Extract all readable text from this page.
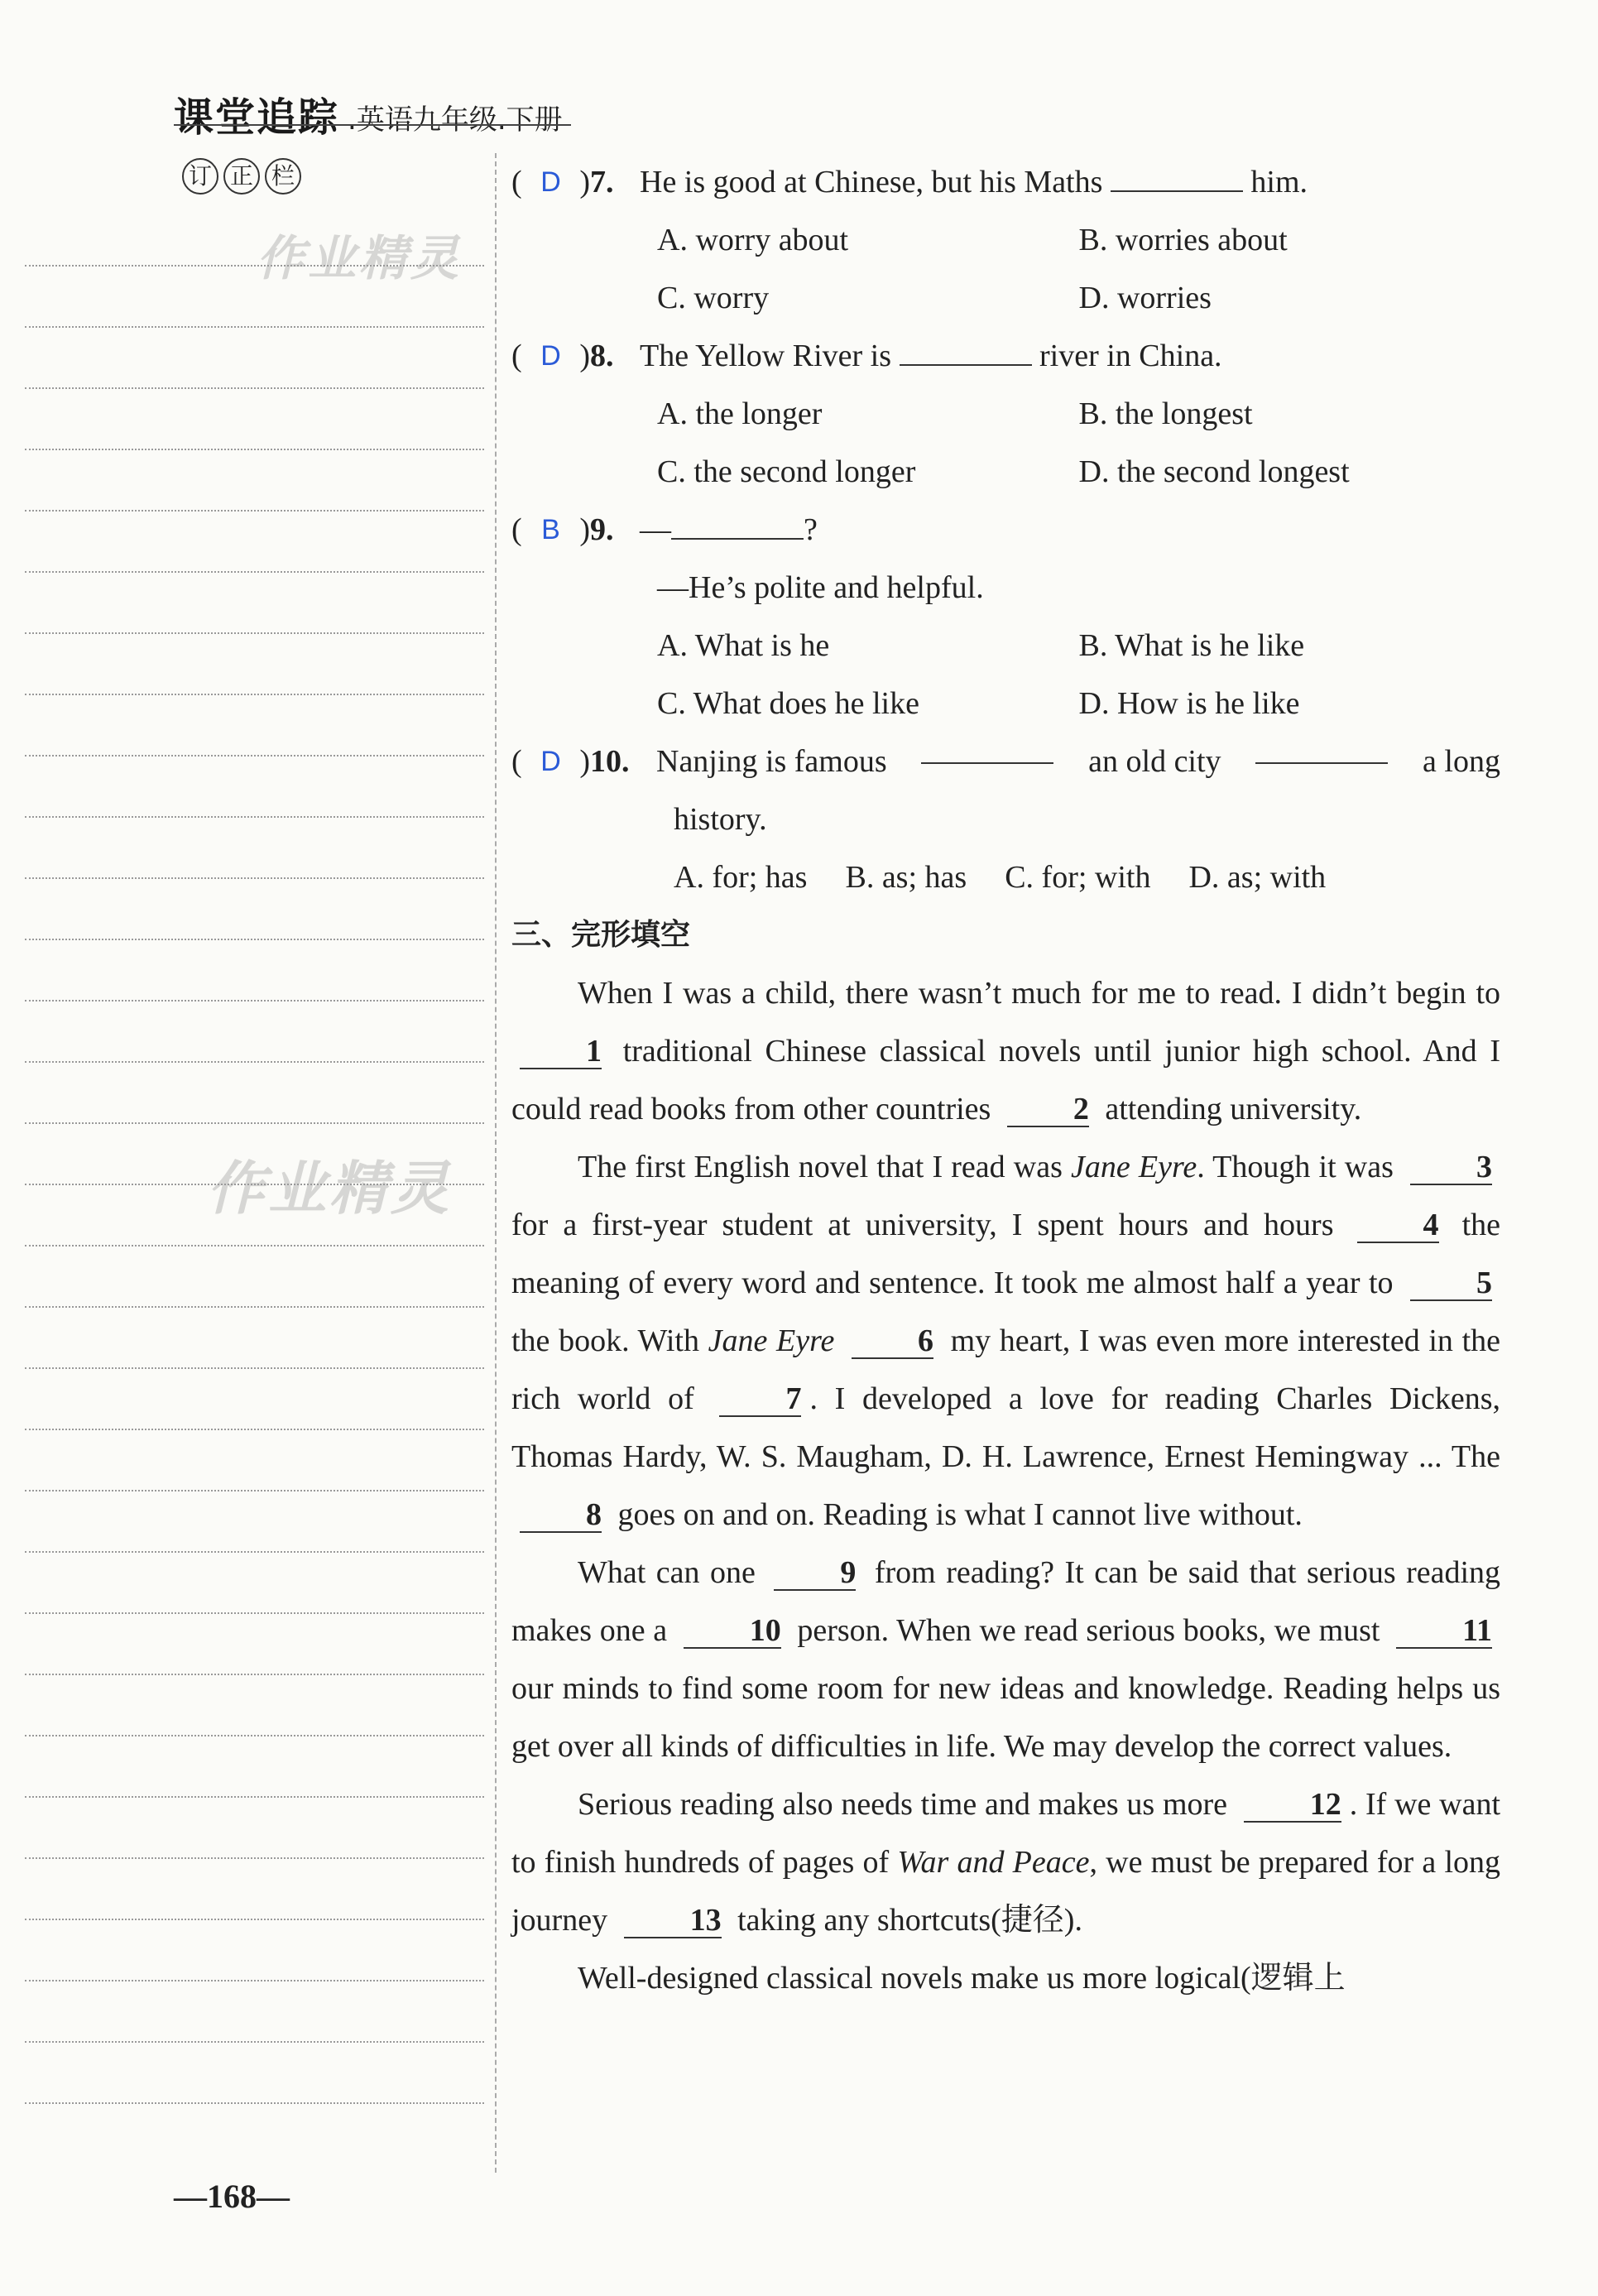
课堂追踪 .英语九年级.下册
订 正 栏
作业精灵
作业精灵
( D ) 7. He is good at Chinese, but his Maths	him.
A. worry about	B. worries about
C. worry	D. worries
( D ) 8. The Yellow River is	river in China.
A. the longer	B. the longest
C. the second longer	D. the second longest
( B ) 9. —	?
—He’s polite and helpful.
A. What is he	B. What is he like
C. What does he like	D. How is he like
( D ) 10. Nanjing is famous	an old city	a long
history.
A. for; has B. as; has C. for; with D. as; with
三、完形填空

When I was a child, there wasn’t much for me to read. I didn’t begin to 1 traditional Chinese classical novels until junior high school. And I could read books from other countries	2 attending university.

The first English novel that I read was Jane Eyre. Though it was	3 for a first-year student at university, I spent hours and hours	4 the meaning of every word and sentence. It took me almost half a year to	5 the book. With Jane Eyre	6 my heart, I was even more interested in the rich world of	7 . I developed a love for reading Charles Dickens, Thomas Hardy, W. S. Maugham, D. H. Lawrence, Ernest Hemingway ... The 8 goes on and on. Reading is what I cannot live without.

What can one	9 from reading? It can be said that serious reading makes one a	10 person. When we read serious books, we must	11 our minds to find some room for new ideas and knowledge. Reading helps us get over all kinds of difficulties in life. We may develop the correct values.

Serious reading also needs time and makes us more	12 . If we want to finish hundreds of pages of War and Peace, we must be prepared for a long journey	13 taking any shortcuts(捷径).

Well-designed classical novels make us more logical(逻辑上

—168—
